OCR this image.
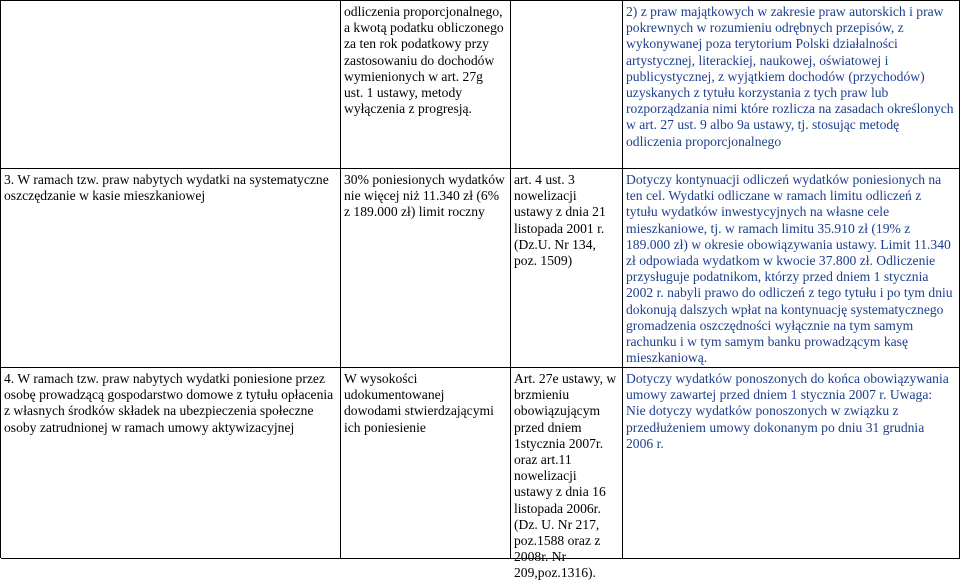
odliczenia proporcjonalnego, a kwotą podatku obliczonego za ten rok podatkowy przy zastosowaniu do dochodów wymienionych w art. 27g ust. 1 ustawy, metody wyłączenia z progresją.
2) z praw majątkowych w zakresie praw autorskich i praw pokrewnych w rozumieniu odrębnych przepisów, z wykonywanej poza terytorium Polski działalności artystycznej, literackiej, naukowej, oświatowej i publicystycznej, z wyjątkiem dochodów (przychodów) uzyskanych z tytułu korzystania z tych praw lub rozporządzania nimi które rozlicza na zasadach określonych w art. 27 ust. 9 albo 9a ustawy, tj. stosując metodę odliczenia proporcjonalnego
3. W ramach tzw. praw nabytych wydatki na systematyczne oszczędzanie w kasie mieszkaniowej
30% poniesionych wydatków nie więcej niż 11.340 zł (6% z 189.000 zł) limit roczny
art. 4 ust. 3 nowelizacji ustawy z dnia 21 listopada 2001 r. (Dz.U. Nr 134, poz. 1509)
Dotyczy kontynuacji odliczeń wydatków poniesionych na ten cel. Wydatki odliczane w ramach limitu odliczeń z tytułu wydatków inwestycyjnych na własne cele mieszkaniowe, tj. w ramach limitu 35.910 zł (19% z 189.000 zł) w okresie obowiązywania ustawy. Limit 11.340 zł odpowiada wydatkom w kwocie 37.800 zł. Odliczenie przysługuje podatnikom, którzy przed dniem 1 stycznia 2002 r. nabyli prawo do odliczeń z tego tytułu i po tym dniu dokonują dalszych wpłat na kontynuację systematycznego gromadzenia oszczędności wyłącznie na tym samym rachunku i w tym samym banku prowadzącym kasę mieszkaniową.
4. W ramach tzw. praw nabytych wydatki poniesione przez osobę prowadzącą gospodarstwo domowe z tytułu opłacenia z własnych środków składek na ubezpieczenia społeczne osoby zatrudnionej w ramach umowy aktywizacyjnej
W wysokości udokumentowanej dowodami stwierdzającymi ich poniesienie
Art. 27e ustawy, w brzmieniu obowiązującym przed dniem 1stycznia 2007r. oraz art.11 nowelizacji ustawy z dnia 16 listopada 2006r.(Dz. U. Nr 217, poz.1588 oraz z 2008r. Nr 209,poz.1316).
Dotyczy wydatków ponoszonych do końca obowiązywania umowy zawartej przed dniem 1 stycznia 2007 r. Uwaga: Nie dotyczy wydatków ponoszonych w związku z przedłużeniem umowy dokonanym po dniu 31 grudnia 2006 r.
